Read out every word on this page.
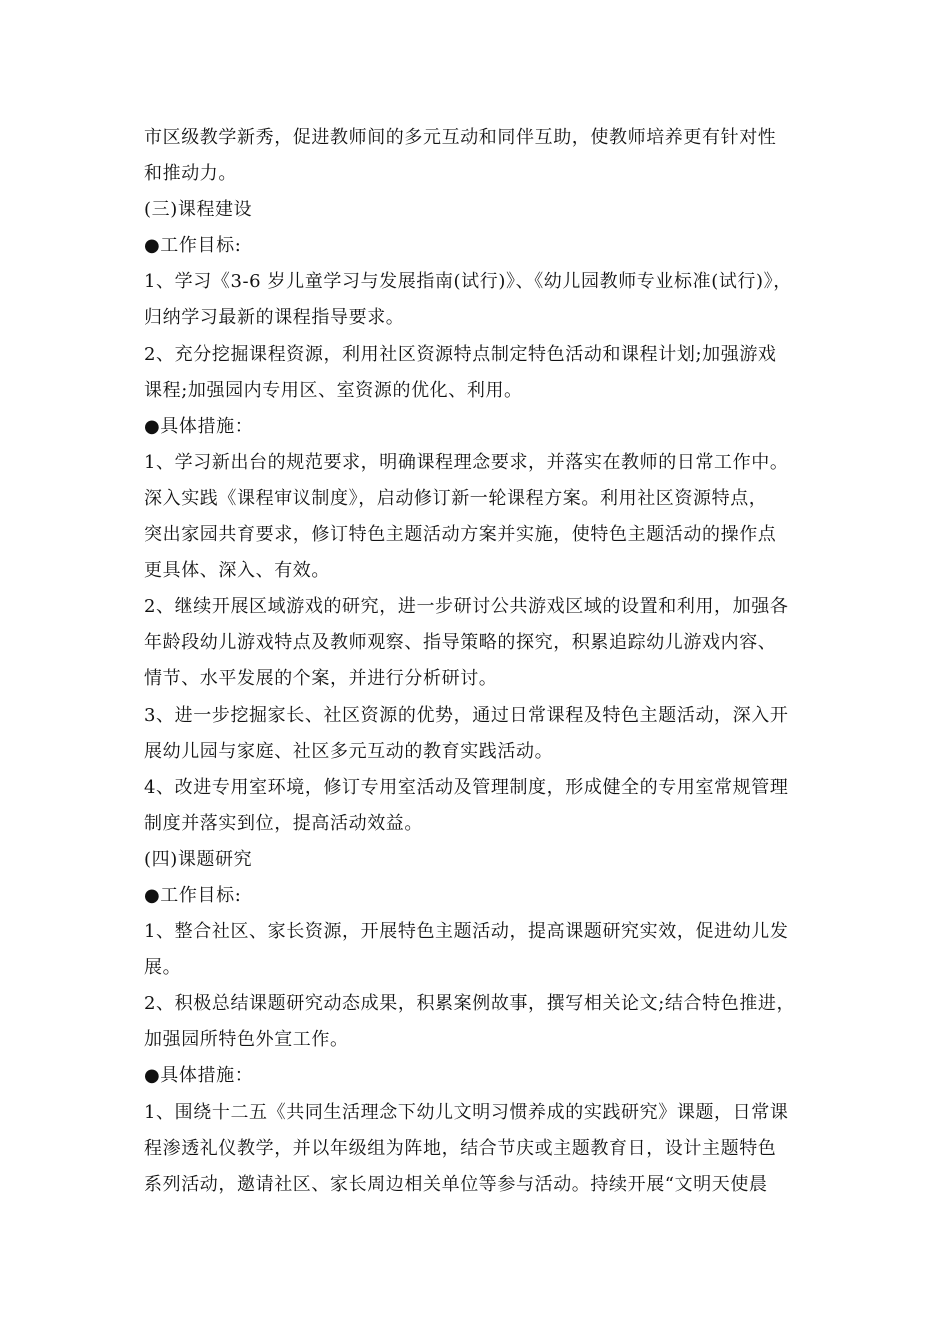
市区级教学新秀，促进教师间的多元互动和同伴互助，使教师培养更有针对性
和推动力。
(三)课程建设
●工作目标:
1、学习《3-6 岁儿童学习与发展指南(试行)》、《幼儿园教师专业标准(试行)》，
归纳学习最新的课程指导要求。
2、充分挖掘课程资源，利用社区资源特点制定特色活动和课程计划;加强游戏
课程;加强园内专用区、室资源的优化、利用。
●具体措施：
1、学习新出台的规范要求，明确课程理念要求，并落实在教师的日常工作中。
深入实践《课程审议制度》，启动修订新一轮课程方案。利用社区资源特点，
突出家园共育要求，修订特色主题活动方案并实施，使特色主题活动的操作点
更具体、深入、有效。
2、继续开展区域游戏的研究，进一步研讨公共游戏区域的设置和利用，加强各
年龄段幼儿游戏特点及教师观察、指导策略的探究，积累追踪幼儿游戏内容、
情节、水平发展的个案，并进行分析研讨。
3、进一步挖掘家长、社区资源的优势，通过日常课程及特色主题活动，深入开
展幼儿园与家庭、社区多元互动的教育实践活动。
4、改进专用室环境，修订专用室活动及管理制度，形成健全的专用室常规管理
制度并落实到位，提高活动效益。
(四)课题研究
●工作目标:
1、整合社区、家长资源，开展特色主题活动，提高课题研究实效，促进幼儿发
展。
2、积极总结课题研究动态成果，积累案例故事，撰写相关论文;结合特色推进，
加强园所特色外宣工作。
●具体措施：
1、围绕十二五《共同生活理念下幼儿文明习惯养成的实践研究》课题，日常课
程渗透礼仪教学，并以年级组为阵地，结合节庆或主题教育日，设计主题特色
系列活动，邀请社区、家长周边相关单位等参与活动。持续开展“文明天使晨
